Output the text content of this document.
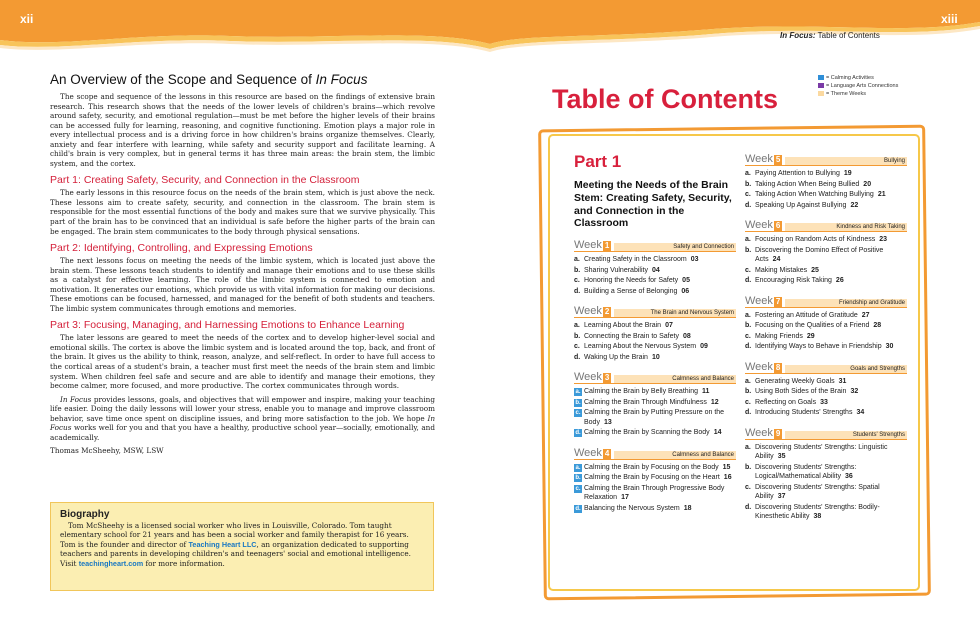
xii	xiii
In Focus: Table of Contents
An Overview of the Scope and Sequence of In Focus

The scope and sequence of the lessons in this resource are based on the findings of extensive brain research. This research shows that the needs of the lower levels of children's brains—which revolve around safety, security, and emotional regulation—must be met before the higher levels of their brains can be accessed fully for learning, reasoning, and cognitive functioning. Emotion plays a major role in every intellectual process and is a driving force in how children's brains organize themselves. Clearly, anxiety and fear interfere with learning, while safety and security support and facilitate learning. A child's brain is very complex, but in general terms it has three main areas: the brain stem, the limbic system, and the cortex.

Part 1: Creating Safety, Security, and Connection in the Classroom

The early lessons in this resource focus on the needs of the brain stem, which is just above the neck. These lessons aim to create safety, security, and connection in the classroom. The brain stem is responsible for the most essential functions of the body and makes sure that we survive physically. This part of the brain has to be convinced that an individual is safe before the higher parts of the brain can be engaged. The brain stem communicates to the body through physical sensations.

Part 2: Identifying, Controlling, and Expressing Emotions

The next lessons focus on meeting the needs of the limbic system, which is located just above the brain stem. These lessons teach students to identify and manage their emotions and to use these skills as a catalyst for effective learning. The role of the limbic system is connected to emotion and motivation. It generates our emotions, which provide us with vital information for making our decisions. These emotions can be focused, harnessed, and managed for the benefit of both students and teachers. The limbic system communicates through emotions and memories.

Part 3: Focusing, Managing, and Harnessing Emotions to Enhance Learning

The later lessons are geared to meet the needs of the cortex and to develop higher-level social and emotional skills. The cortex is above the limbic system and is located around the top, back, and front of the brain. It gives us the ability to think, reason, analyze, and self-reflect. In order to have full access to the cortical areas of a student's brain, a teacher must first meet the needs of the brain stem and limbic system. When children feel safe and secure and are able to identify and manage their emotions, they become calmer, more focused, and more productive. The cortex communicates through words.

In Focus provides lessons, goals, and objectives that will empower and inspire, making your teaching life easier. Doing the daily lessons will lower your stress, enable you to manage and improve classroom behavior, save time once spent on discipline issues, and bring more satisfaction to the job. We hope In Focus works well for you and that you have a healthy, productive school year—socially, emotionally, and academically.

Thomas McSheehy, MSW, LSW

Biography

Tom McSheehy is a licensed social worker who lives in Louisville, Colorado. Tom taught elementary school for 21 years and has been a social worker and family therapist for 16 years. Tom is the founder and director of Teaching Heart LLC, an organization dedicated to supporting teachers and parents in developing children's and teenagers' social and emotional intelligence. Visit teachingheart.com for more information.

Table of Contents
= Calming Activities
= Language Arts Connections
= Theme Weeks
Part 1
Meeting the Needs of the Brain Stem: Creating Safety, Security, and Connection in the Classroom
Week 1	Safety and Connection
a. Creating Safety in the Classroom 03
b. Sharing Vulnerability 04
c. Honoring the Needs for Safety 05
d. Building a Sense of Belonging 06
Week 2	The Brain and Nervous System
a. Learning About the Brain 07
b. Connecting the Brain to Safety 08
c. Learning About the Nervous System 09
d. Waking Up the Brain 10
Week 3	Calmness and Balance
a. Calming the Brain by Belly Breathing 11
b. Calming the Brain Through Mindfulness 12
c. Calming the Brain by Putting Pressure on the Body 13
d. Calming the Brain by Scanning the Body 14
Week 4	Calmness and Balance
a. Calming the Brain by Focusing on the Body 15
b. Calming the Brain by Focusing on the Heart 16
c. Calming the Brain Through Progressive Body Relaxation 17
d. Balancing the Nervous System 18
Week 5	Bullying
a. Paying Attention to Bullying 19
b. Taking Action When Being Bullied 20
c. Taking Action When Watching Bullying 21
d. Speaking Up Against Bullying 22
Week 6	Kindness and Risk Taking
a. Focusing on Random Acts of Kindness 23
b. Discovering the Domino Effect of Positive Acts 24
c. Making Mistakes 25
d. Encouraging Risk Taking 26
Week 7	Friendship and Gratitude
a. Fostering an Attitude of Gratitude 27
b. Focusing on the Qualities of a Friend 28
c. Making Friends 29
d. Identifying Ways to Behave in Friendship 30
Week 8	Goals and Strengths
a. Generating Weekly Goals 31
b. Using Both Sides of the Brain 32
c. Reflecting on Goals 33
d. Introducing Students' Strengths 34
Week 9	Students' Strengths
a. Discovering Students' Strengths: Linguistic Ability 35
b. Discovering Students' Strengths: Logical/Mathematical Ability 36
c. Discovering Students' Strengths: Spatial Ability 37
d. Discovering Students' Strengths: Bodily-Kinesthetic Ability 38
